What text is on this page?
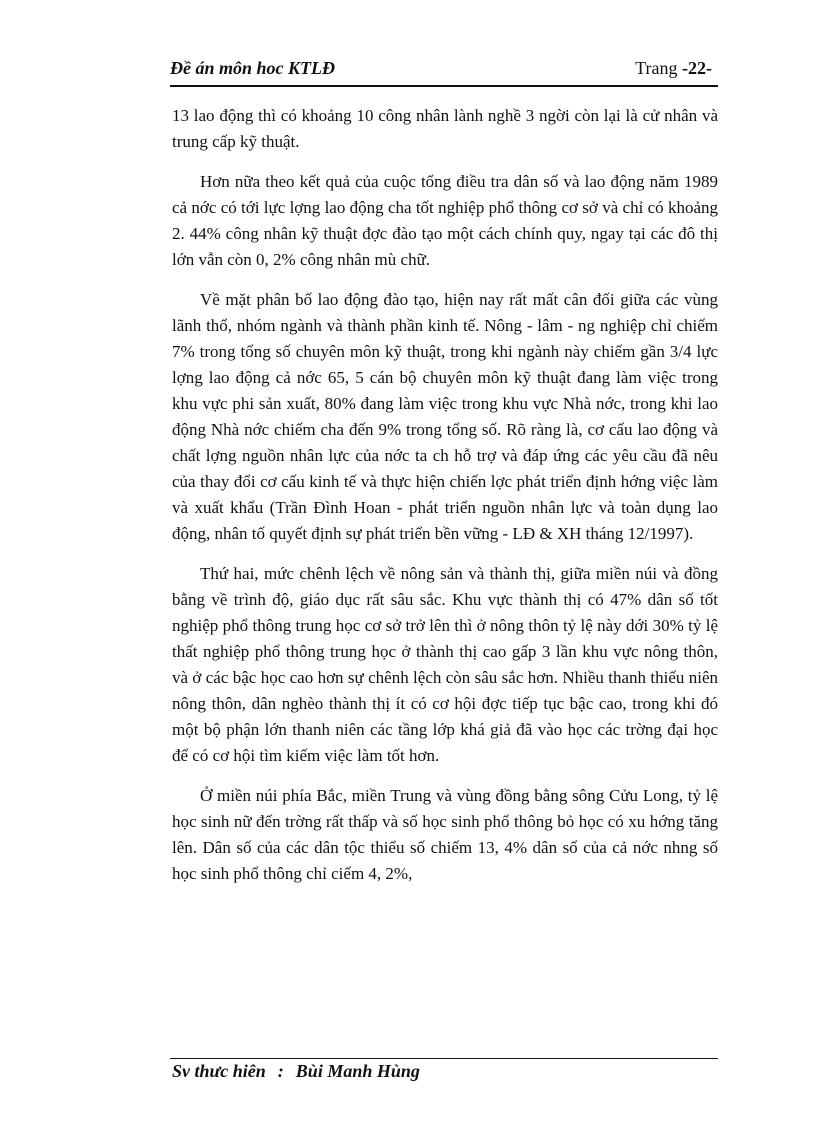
Đề án môn hoc KTLĐ	Trang -22-

13 lao động thì có khoảng 10 công nhân lành nghề 3 ngời còn lại là cử nhân và trung cấp kỹ thuật.

Hơn nữa theo kết quả của cuộc tổng điều tra dân số và lao động năm 1989 cả nớc có tới lực lợng lao động cha tốt nghiệp phổ thông cơ sở và chỉ có khoảng 2. 44% công nhân kỹ thuật đợc đào tạo một cách chính quy, ngay tại các đô thị lớn vẫn còn 0, 2% công nhân mù chữ.

Về mặt phân bố lao động đào tạo, hiện nay rất mất cân đối giữa các vùng lãnh thổ, nhóm ngành và thành phần kinh tế. Nông - lâm - ng nghiệp chỉ chiếm 7% trong tổng số chuyên môn kỹ thuật, trong khi ngành này chiếm gần 3/4 lực lợng lao động cả nớc 65, 5 cán bộ chuyên môn kỹ thuật đang làm việc trong khu vực phi sản xuất, 80% đang làm việc trong khu vực Nhà nớc, trong khi lao động Nhà nớc chiếm cha đến 9% trong tổng số. Rõ ràng là, cơ cấu lao động và chất lợng nguồn nhân lực của nớc ta ch hỗ trợ và đáp ứng các yêu cầu đã nêu của thay đổi cơ cấu kinh tế và thực hiện chiến lợc phát triển định hớng việc làm và xuất khẩu (Trần Đình Hoan - phát triển nguồn nhân lực và toàn dụng lao động, nhân tố quyết định sự phát triển bền vững - LĐ & XH tháng 12/1997).

Thứ hai, mức chênh lệch về nông sản và thành thị, giữa miền núi và đồng bằng về trình độ, giáo dục rất sâu sắc. Khu vực thành thị có 47% dân số tốt nghiệp phổ thông trung học cơ sở trở lên thì ở nông thôn tỷ lệ này dới 30% tỷ lệ thất nghiệp phổ thông trung học ở thành thị cao gấp 3 lần khu vực nông thôn, và ở các bậc học cao hơn sự chênh lệch còn sâu sắc hơn. Nhiều thanh thiếu niên nông thôn, dân nghèo thành thị ít có cơ hội đợc tiếp tục bậc cao, trong khi đó một bộ phận lớn thanh niên các tầng lớp khá giả đã vào học các trờng đại học để có cơ hội tìm kiếm việc làm tốt hơn.

Ở miền núi phía Bắc, miền Trung và vùng đồng bằng sông Cửu Long, tỷ lệ học sinh nữ đến trờng rất thấp và số học sinh phổ thông bỏ học có xu hớng tăng lên. Dân số của các dân tộc thiểu số chiếm 13, 4% dân số của cả nớc nhng số học sinh phổ thông chỉ ciếm 4, 2%,

Sv thưc hiên : Bùi Manh Hùng
